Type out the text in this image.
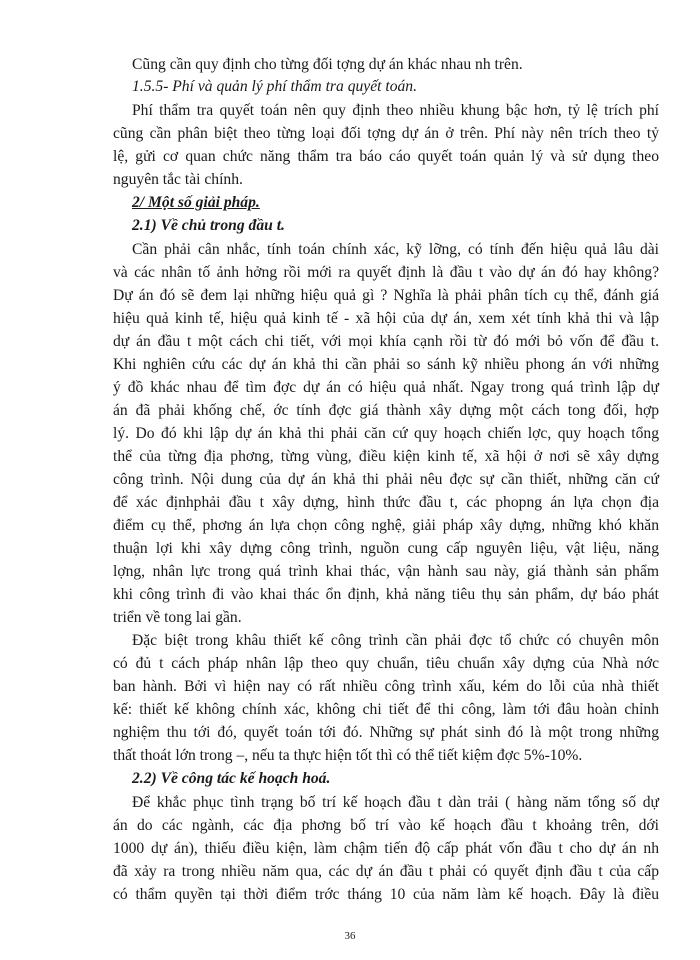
Cũng cần quy định cho từng đối tợng dự án khác nhau nh trên.
1.5.5- Phí và quản lý phí thẩm tra quyết toán.
Phí thẩm tra quyết toán nên quy định theo nhiều khung bậc hơn, tỷ lệ trích phí
cũng cần phân biệt theo từng loại đối tợng dự án ở trên. Phí này nên trích theo tỷ
lệ, gửi cơ quan chức năng thẩm tra báo cáo quyết toán quản lý và sử dụng theo
nguyên tắc tài chính.
2/ Một số giải pháp.
2.1) Về chủ trong đầu t.
Cần phải cân nhắc, tính toán chính xác, kỹ lỡng, có tính đến hiệu quả lâu dài
và các nhân tố ảnh hởng rồi mới ra quyết định là đầu t vào dự án đó hay không?
Dự án đó sẽ đem lại những hiệu quả gì ? Nghĩa là phải phân tích cụ thể, đánh giá
hiệu quả kinh tế, hiệu quả kinh tế - xã hội của dự án, xem xét tính khả thi và lập
dự án đầu t một cách chi tiết, với mọi khía cạnh rồi từ đó mới bỏ vốn để đầu t.
Khi nghiên cứu các dự án khả thi cần phải so sánh kỹ nhiều phong án với những
ý đồ khác nhau để tìm đợc dự án có hiệu quả nhất. Ngay trong quá trình lập dự
án đã phải khống chế, ớc tính đợc giá thành xây dựng một cách tong đối, hợp
lý. Do đó khi lập dự án khả thi phải căn cứ quy hoạch chiến lợc, quy hoạch tổng
thể của từng địa phơng, từng vùng, điều kiện kinh tế, xã hội ở nơi sẽ xây dựng
công trình. Nội dung của dự án khả thi phải nêu đợc sự cần thiết, những căn cứ
để xác địnhphải đầu t xây dựng, hình thức đầu t, các phopng án lựa chọn địa
điểm cụ thể, phơng án lựa chọn công nghệ, giải pháp xây dựng, những khó khăn
thuận lợi khi xây dựng công trình, nguồn cung cấp nguyên liệu, vật liệu, năng
lợng, nhân lực trong quá trình khai thác, vận hành sau này, giá thành sản phẩm
khi công trình đi vào khai thác ổn định, khả năng tiêu thụ sản phẩm, dự báo phát
triển về tong lai gần.
Đặc biệt trong khâu thiết kế công trình cần phải đợc tổ chức có chuyên môn
có đủ t cách pháp nhân lập theo quy chuẩn, tiêu chuẩn xây dựng của Nhà nớc
ban hành. Bởi vì hiện nay có rất nhiều công trình xấu, kém do lỗi của nhà thiết
kế: thiết kế không chính xác, không chi tiết để thi công, làm tới đâu hoàn chỉnh
nghiệm thu tới đó, quyết toán tới đó. Những sự phát sinh đó là một trong những
thất thoát lớn trong –, nếu ta thực hiện tốt thì có thể tiết kiệm đợc 5%-10%.
2.2) Về công tác kế hoạch hoá.
Để khắc phục tình trạng bố trí kế hoạch đầu t dàn trải ( hàng năm tổng số dự
án do các ngành, các địa phơng bố trí vào kế hoạch đầu t khoảng trên, dới
1000 dự án), thiếu điều kiện, làm chậm tiến độ cấp phát vốn đầu t cho dự án nh
đã xảy ra trong nhiều năm qua, các dự án đầu t phải có quyết định đầu t của cấp
có thẩm quyền tại thời điểm trớc tháng 10 của năm làm kế hoạch. Đây là điều
36
